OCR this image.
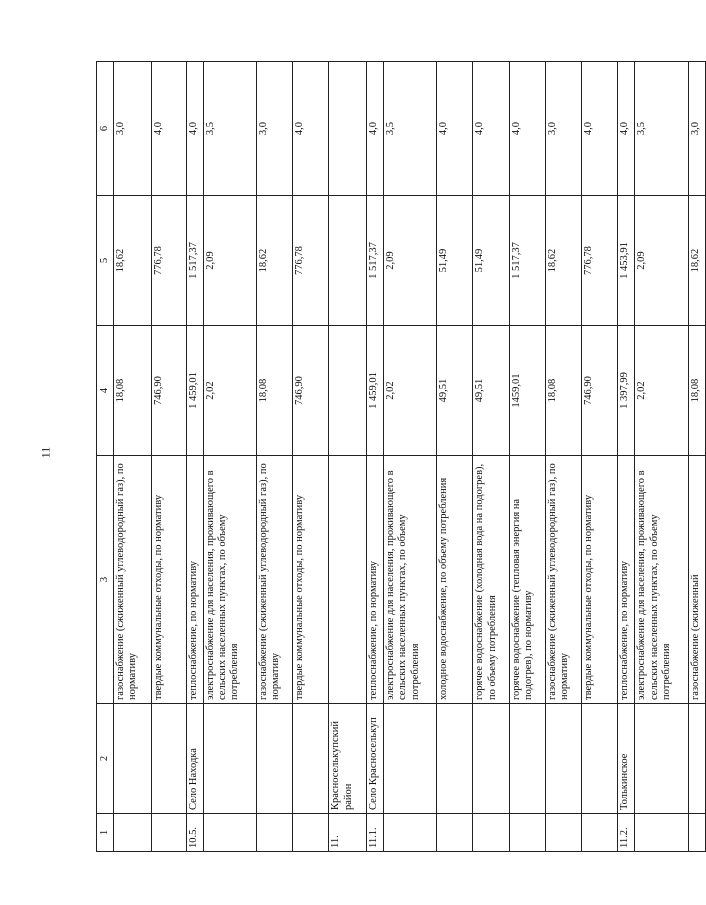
11
1	2	3	4	5	6
		газоснабжение (сжиженный углеводородный газ), по нормативу	18,08	18,62	3,0
		твердые коммунальные отходы, по нормативу	746,90	776,78	4,0
10.5.	Село Находка	теплоснабжение, по нормативу	1 459,01	1 517,37	4,0
		электроснабжение для населения, проживающего в сельских населенных пунктах, по объему потребления	2,02	2,09	3,5
		газоснабжение (сжиженный углеводородный газ), по нормативу	18,08	18,62	3,0
		твердые коммунальные отходы, по нормативу	746,90	776,78	4,0
11.	Красноселькупский район				
11.1.	Село Красноселькуп	теплоснабжение, по нормативу	1 459,01	1 517,37	4,0
		электроснабжение для населения, проживающего в сельских населенных пунктах, по объему потребления	2,02	2,09	3,5
		холодное водоснабжение, по объему потребления	49,51	51,49	4,0
		горячее водоснабжение (холодная вода на подогрев), по объему потребления	49,51	51,49	4,0
		горячее водоснабжение (тепловая энергия на подогрев), по нормативу	1459,01	1 517,37	4,0
		газоснабжение (сжиженный углеводородный газ), по нормативу	18,08	18,62	3,0
		твердые коммунальные отходы, по нормативу	746,90	776,78	4,0
11.2.	Толькинское	теплоснабжение, по нормативу	1 397,99	1 453,91	4,0
		электроснабжение для населения, проживающего в сельских населенных пунктах, по объему потребления	2,02	2,09	3,5
		газоснабжение (сжиженный	18,08	18,62	3,0
